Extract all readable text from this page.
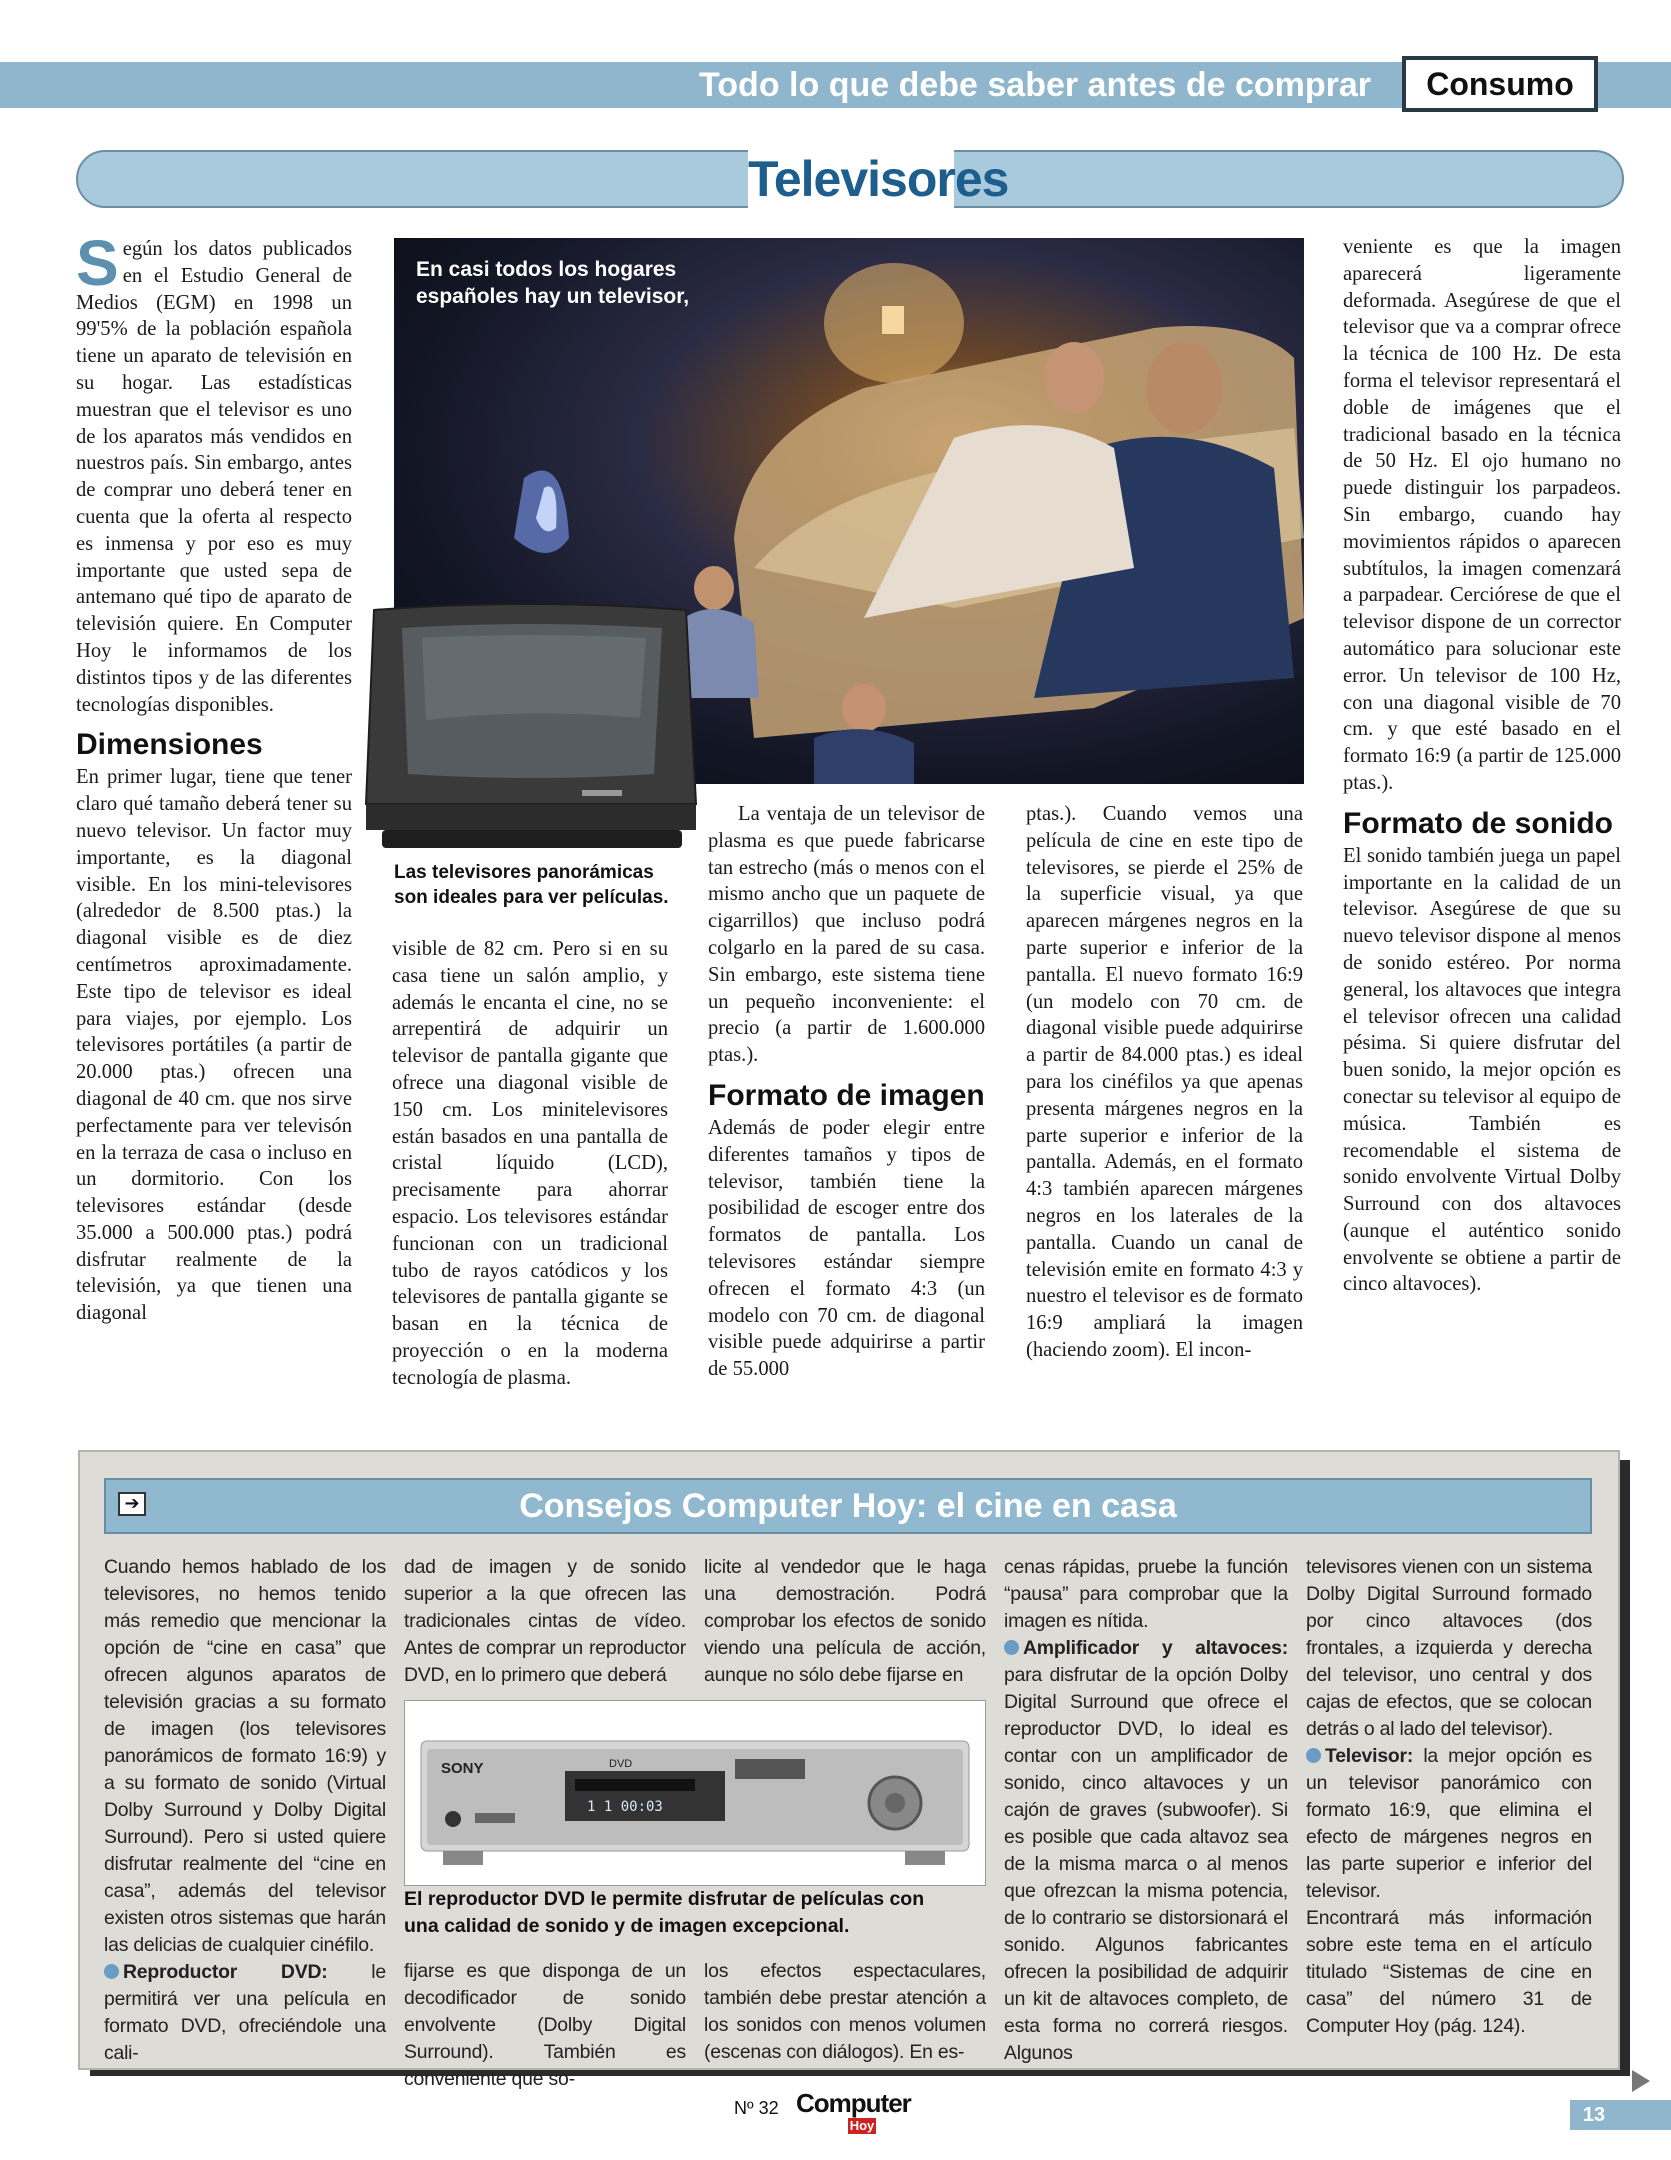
Todo lo que debe saber antes de comprar	Consumo
Televisores

Según los datos publicados en el Estudio General de Medios (EGM) en 1998 un 99'5% de la población española tiene un aparato de televisión en su hogar. Las estadísticas muestran que el televisor es uno de los aparatos más vendidos en nuestros país. Sin embargo, antes de comprar uno deberá tener en cuenta que la oferta al respecto es inmensa y por eso es muy importante que usted sepa de antemano qué tipo de aparato de televisión quiere. En Computer Hoy le informamos de los distintos tipos y de las diferentes tecnologías disponibles.

Dimensiones

En primer lugar, tiene que tener claro qué tamaño deberá tener su nuevo televisor. Un factor muy importante, es la diagonal visible. En los mini-televisores (alrededor de 8.500 ptas.) la diagonal visible es de diez centímetros aproximadamente. Este tipo de televisor es ideal para viajes, por ejemplo. Los televisores portátiles (a partir de 20.000 ptas.) ofrecen una diagonal de 40 cm. que nos sirve perfectamente para ver televisón en la terraza de casa o incluso en un dormitorio. Con los televisores estándar (desde 35.000 a 500.000 ptas.) podrá disfrutar realmente de la televisión, ya que tienen una diagonal

En casi todos los hogares
españoles hay un televisor,
Las televisores panorámicas
son ideales para ver películas.

visible de 82 cm. Pero si en su casa tiene un salón amplio, y además le encanta el cine, no se arrepentirá de adquirir un televisor de pantalla gigante que ofrece una diagonal visible de 150 cm. Los minitelevisores están basados en una pantalla de cristal líquido (LCD), precisamente para ahorrar espacio. Los televisores estándar funcionan con un tradicional tubo de rayos catódicos y los televisores de pantalla gigante se basan en la técnica de proyección o en la moderna tecnología de plasma.

La ventaja de un televisor de plasma es que puede fabricarse tan estrecho (más o menos con el mismo ancho que un paquete de cigarrillos) que incluso podrá colgarlo en la pared de su casa. Sin embargo, este sistema tiene un pequeño inconveniente: el precio (a partir de 1.600.000 ptas.).

Formato de imagen

Además de poder elegir entre diferentes tamaños y tipos de televisor, también tiene la posibilidad de escoger entre dos formatos de pantalla. Los televisores estándar siempre ofrecen el formato 4:3 (un modelo con 70 cm. de diagonal visible puede adquirirse a partir de 55.000

ptas.). Cuando vemos una película de cine en este tipo de televisores, se pierde el 25% de la superficie visual, ya que aparecen márgenes negros en la parte superior e inferior de la pantalla. El nuevo formato 16:9 (un modelo con 70 cm. de diagonal visible puede adquirirse a partir de 84.000 ptas.) es ideal para los cinéfilos ya que apenas presenta márgenes negros en la parte superior e inferior de la pantalla. Además, en el formato 4:3 también aparecen márgenes negros en los laterales de la pantalla. Cuando un canal de televisión emite en formato 4:3 y nuestro el televisor es de formato 16:9 ampliará la imagen (haciendo zoom). El incon-

veniente es que la imagen aparecerá ligeramente deformada. Asegúrese de que el televisor que va a comprar ofrece la técnica de 100 Hz. De esta forma el televisor representará el doble de imágenes que el tradicional basado en la técnica de 50 Hz. El ojo humano no puede distinguir los parpadeos. Sin embargo, cuando hay movimientos rápidos o aparecen subtítulos, la imagen comenzará a parpadear. Cerciórese de que el televisor dispone de un corrector automático para solucionar este error. Un televisor de 100 Hz, con una diagonal visible de 70 cm. y que esté basado en el formato 16:9 (a partir de 125.000 ptas.).

Formato de sonido

El sonido también juega un papel importante en la calidad de un televisor. Asegúrese de que su nuevo televisor dispone al menos de sonido estéreo. Por norma general, los altavoces que integra el televisor ofrecen una calidad pésima. Si quiere disfrutar del buen sonido, la mejor opción es conectar su televisor al equipo de música. También es recomendable el sistema de sonido envolvente Virtual Dolby Surround con dos altavoces (aunque el auténtico sonido envolvente se obtiene a partir de cinco altavoces).

Consejos Computer Hoy: el cine en casa
➔

Cuando hemos hablado de los televisores, no hemos tenido más remedio que mencionar la opción de “cine en casa” que ofrecen algunos aparatos de televisión gracias a su formato de imagen (los televisores panorámicos de formato 16:9) y a su formato de sonido (Virtual Dolby Surround y Dolby Digital Surround). Pero si usted quiere disfrutar realmente del “cine en casa”, además del televisor existen otros sistemas que harán las delicias de cualquier cinéfilo.

Reproductor DVD: le permitirá ver una película en formato DVD, ofreciéndole una cali-

dad de imagen y de sonido superior a la que ofrecen las tradicionales cintas de vídeo. Antes de comprar un reproductor DVD, en lo primero que deberá

licite al vendedor que le haga una demostración. Podrá comprobar los efectos de sonido viendo una película de acción, aunque no sólo debe fijarse en

SONY	DVD
1 1 00:03
El reproductor DVD le permite disfrutar de películas con
una calidad de sonido y de imagen excepcional.

fijarse es que disponga de un decodificador de sonido envolvente (Dolby Digital Surround). También es conveniente que so-

los efectos espectaculares, también debe prestar atención a los sonidos con menos volumen (escenas con diálogos). En es-

cenas rápidas, pruebe la función “pausa” para comprobar que la imagen es nítida.

Amplificador y altavoces: para disfrutar de la opción Dolby Digital Surround que ofrece el reproductor DVD, lo ideal es contar con un amplificador de sonido, cinco altavoces y un cajón de graves (subwoofer). Si es posible que cada altavoz sea de la misma marca o al menos que ofrezcan la misma potencia, de lo contrario se distorsionará el sonido. Algunos fabricantes ofrecen la posibilidad de adquirir un kit de altavoces completo, de esta forma no correrá riesgos. Algunos

televisores vienen con un sistema Dolby Digital Surround formado por cinco altavoces (dos frontales, a izquierda y derecha del televisor, uno central y dos cajas de efectos, que se colocan detrás o al lado del televisor).

Televisor: la mejor opción es un televisor panorámico con formato 16:9, que elimina el efecto de márgenes negros en las parte superior e inferior del televisor.

Encontrará más información sobre este tema en el artículo titulado “Sistemas de cine en casa” del número 31 de Computer Hoy (pág. 124).

Nº 32 Computer
Hoy	13
